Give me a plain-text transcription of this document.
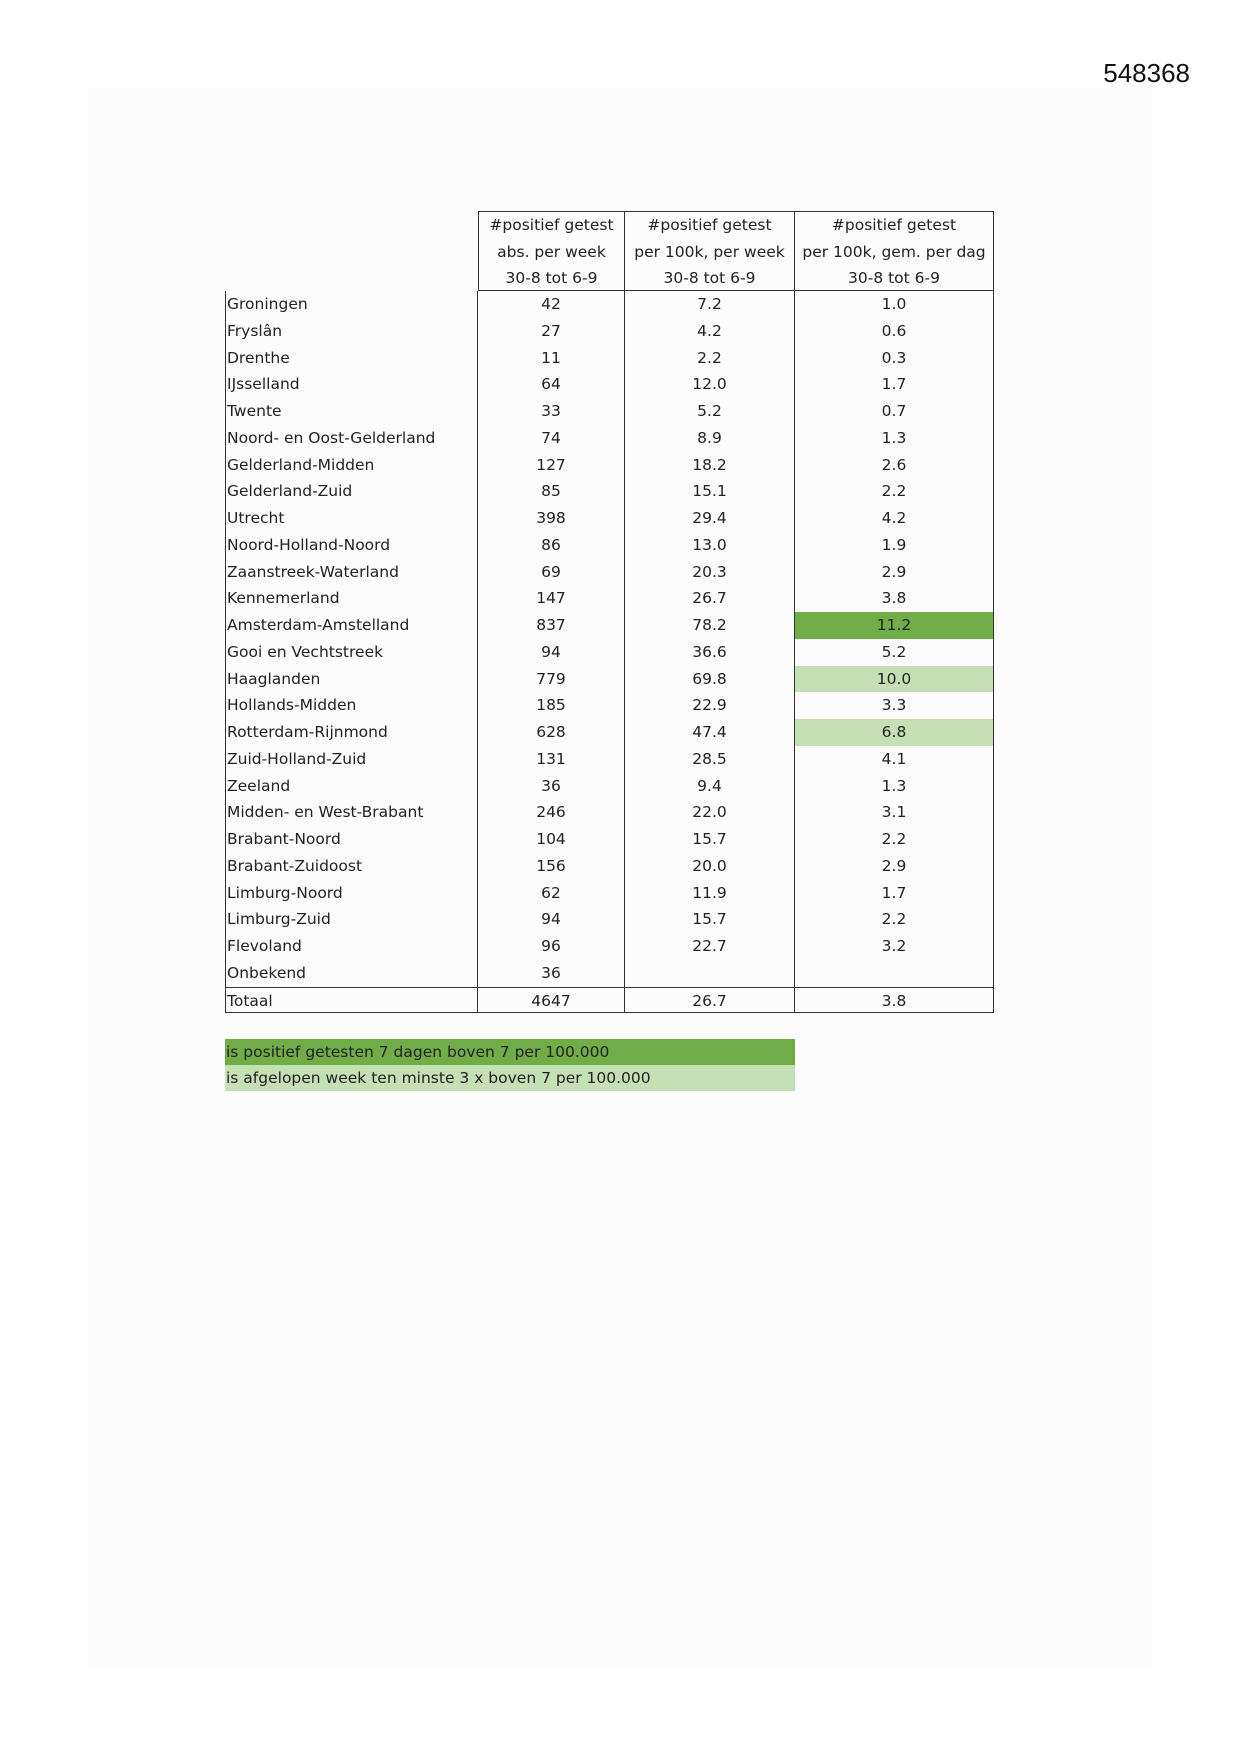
548368
#positief getest
abs. per week
30-8 tot 6-9
#positief getest
per 100k, per week
30-8 tot 6-9
#positief getest
per 100k, gem. per dag
30-8 tot 6-9
Groningen	42	7.2	1.0
Fryslân	27	4.2	0.6
Drenthe	11	2.2	0.3
IJsselland	64	12.0	1.7
Twente	33	5.2	0.7
Noord- en Oost-Gelderland	74	8.9	1.3
Gelderland-Midden	127	18.2	2.6
Gelderland-Zuid	85	15.1	2.2
Utrecht	398	29.4	4.2
Noord-Holland-Noord	86	13.0	1.9
Zaanstreek-Waterland	69	20.3	2.9
Kennemerland	147	26.7	3.8
Amsterdam-Amstelland	837	78.2	11.2
Gooi en Vechtstreek	94	36.6	5.2
Haaglanden	779	69.8	10.0
Hollands-Midden	185	22.9	3.3
Rotterdam-Rijnmond	628	47.4	6.8
Zuid-Holland-Zuid	131	28.5	4.1
Zeeland	36	9.4	1.3
Midden- en West-Brabant	246	22.0	3.1
Brabant-Noord	104	15.7	2.2
Brabant-Zuidoost	156	20.0	2.9
Limburg-Noord	62	11.9	1.7
Limburg-Zuid	94	15.7	2.2
Flevoland	96	22.7	3.2
Onbekend	36
Totaal	4647	26.7	3.8
is positief getesten 7 dagen boven 7 per 100.000
is afgelopen week ten minste 3 x boven 7 per 100.000
